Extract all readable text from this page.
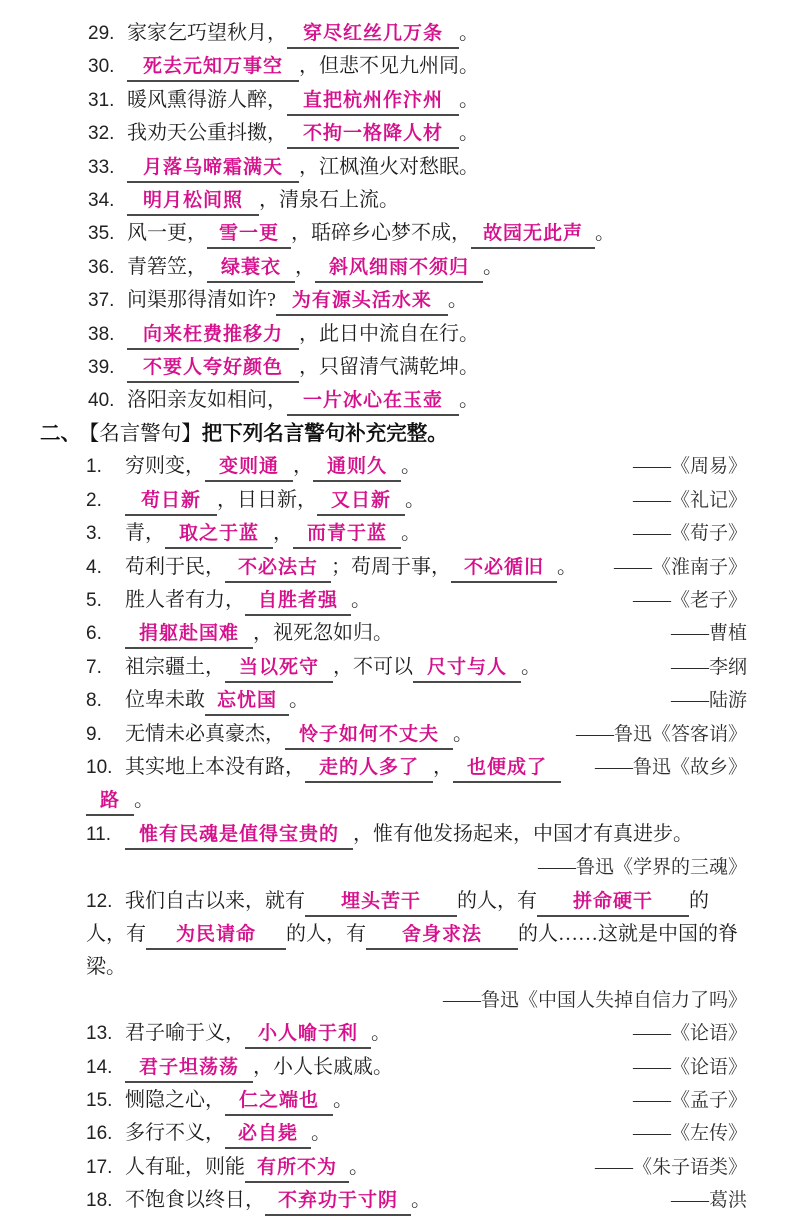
29. 家家乞巧望秋月， 穿尽红丝几万条 。
30. 死去元知万事空 ，但悲不见九州同。
31. 暖风熏得游人醉， 直把杭州作汴州 。
32. 我劝天公重抖擞， 不拘一格降人材 。
33. 月落乌啼霜满天 ，江枫渔火对愁眠。
34. 明月松间照 ，清泉石上流。
35. 风一更， 雪一更 ，聒碎乡心梦不成， 故园无此声 。
36. 青箬笠， 绿蓑衣 ， 斜风细雨不须归 。
37. 问渠那得清如许? 为有源头活水来 。
38. 向来枉费推移力 ，此日中流自在行。
39. 不要人夸好颜色 ，只留清气满乾坤。
40. 洛阳亲友如相问， 一片冰心在玉壶 。
二、 【名言警句】把下列名言警句补充完整。
1. 穷则变， 变则通 ， 通则久 。	——《周易》
2. 苟日新 ，日日新， 又日新 。	——《礼记》
3. 青， 取之于蓝 ， 而青于蓝 。	——《荀子》
4. 苟利于民， 不必法古 ；苟周于事， 不必循旧 。	——《淮南子》
5. 胜人者有力， 自胜者强 。	——《老子》
6. 捐躯赴国难 ，视死忽如归。	——曹植
7. 祖宗疆土， 当以死守 ，不可以 尺寸与人 。	——李纲
8. 位卑未敢 忘忧国 。	——陆游
9. 无情未必真豪杰， 怜子如何不丈夫 。	——鲁迅《答客诮》
10. 其实地上本没有路， 走的人多了 ， 也便成了路 。
——鲁迅《故乡》
11. 惟有民魂是值得宝贵的 ，惟有他发扬起来，中国才有真进步。
——鲁迅《学界的三魂》
12. 我们自古以来，就有 埋头苦干 的人，有 拼命硬干 的人，有 为民请命 的人，有 舍身求法 的人……这就是中国的脊梁。
——鲁迅《中国人失掉自信力了吗》
13. 君子喻于义， 小人喻于利 。	——《论语》
14. 君子坦荡荡 ，小人长戚戚。	——《论语》
15. 恻隐之心， 仁之端也 。	——《孟子》
16. 多行不义， 必自毙 。	——《左传》
17. 人有耻，则能 有所不为 。	——《朱子语类》
18. 不饱食以终日， 不弃功于寸阴 。	——葛洪
